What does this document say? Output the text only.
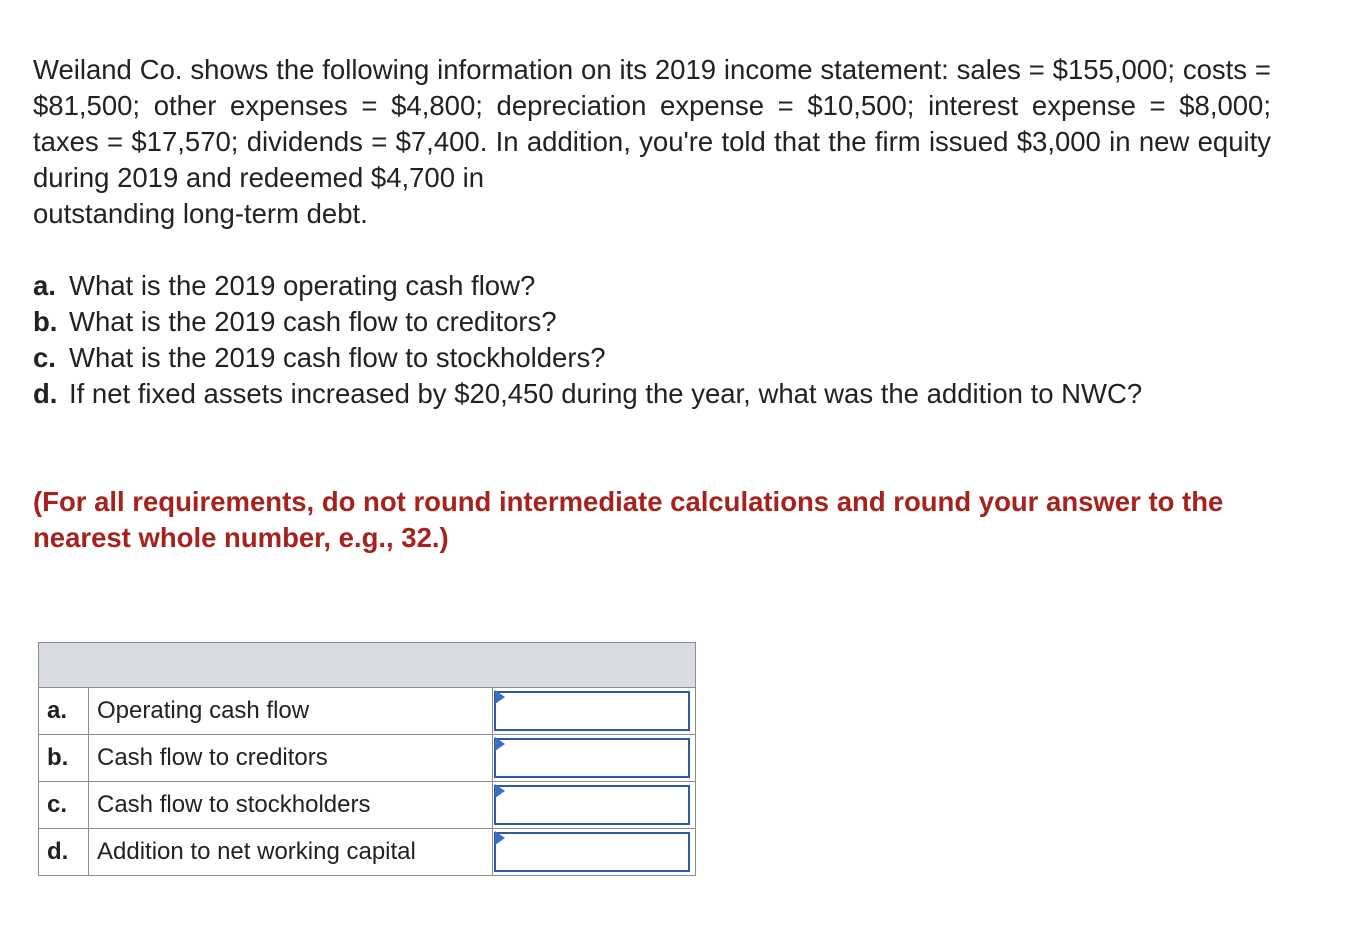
Weiland Co. shows the following information on its 2019 income statement: sales = $155,000; costs = $81,500; other expenses = $4,800; depreciation expense = $10,500; interest expense = $8,000; taxes = $17,570; dividends = $7,400. In addition, you're told that the firm issued $3,000 in new equity during 2019 and redeemed $4,700 in
outstanding long-term debt.

a. What is the 2019 operating cash flow?
b. What is the 2019 cash flow to creditors?
c. What is the 2019 cash flow to stockholders?
d. If net fixed assets increased by $20,450 during the year, what was the addition to NWC?

(For all requirements, do not round intermediate calculations and round your answer to the nearest whole number, e.g., 32.)

a.	Operating cash flow	

b.	Cash flow to creditors	

c.	Cash flow to stockholders	

d.	Addition to net working capital	
